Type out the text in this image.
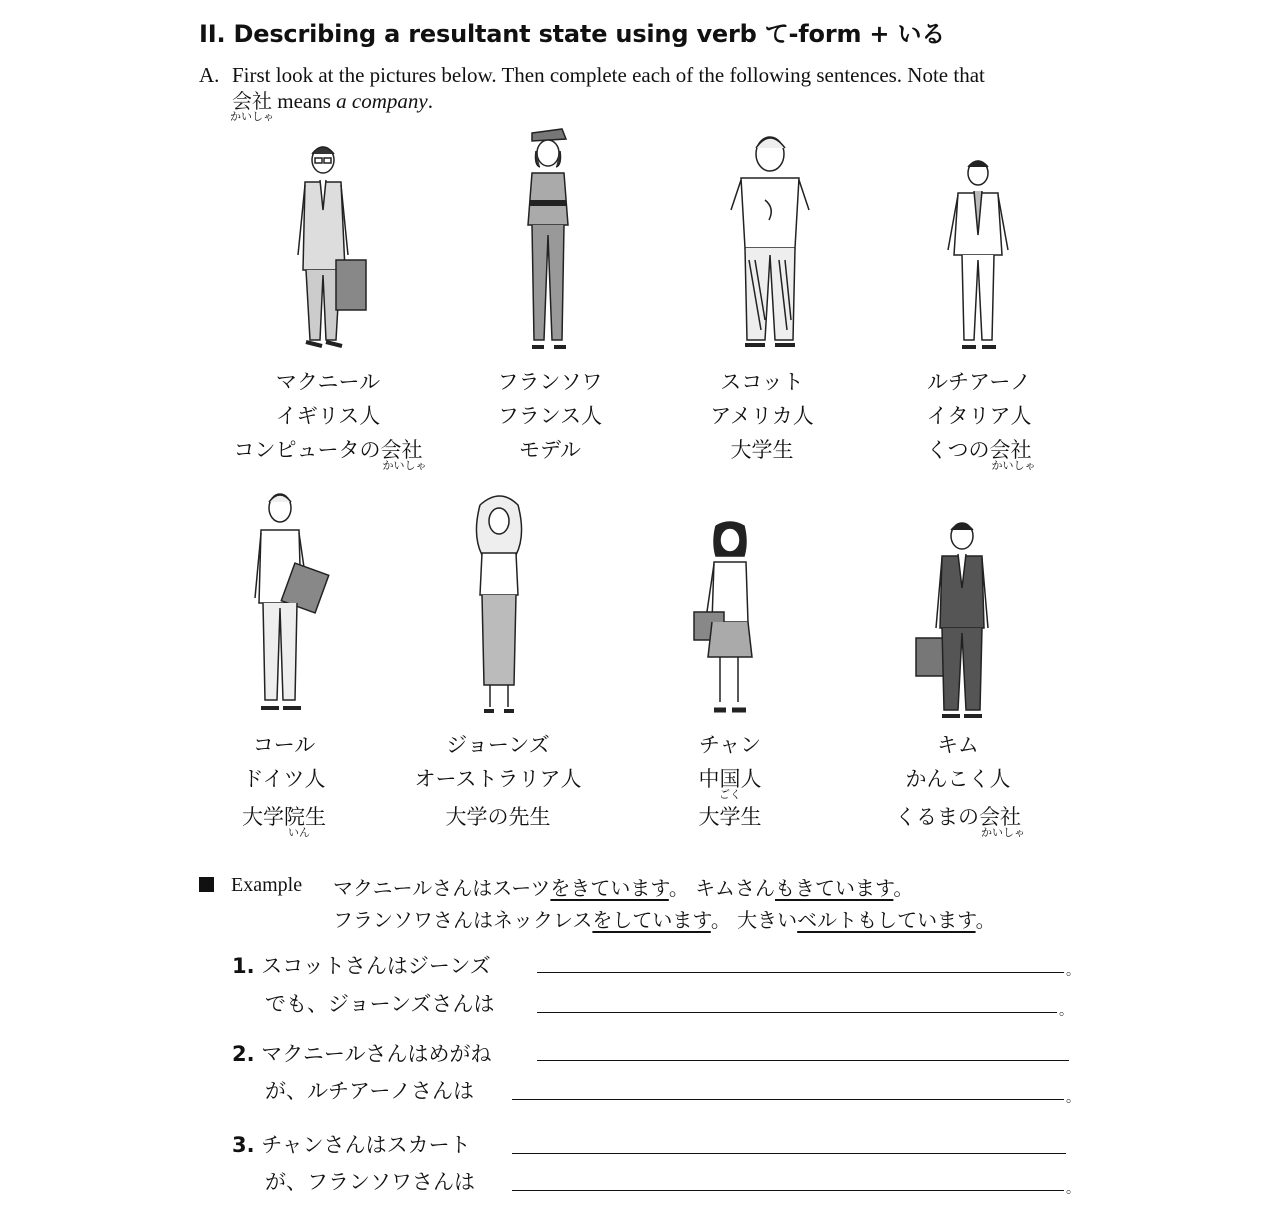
II. Describing a resultant state using verb て-form + いる
A. First look at the pictures below. Then complete each of the following sentences. Note that
会社
かいしゃ
means a company.
マクニール
イギリス人
コンピュータの会社
かいしゃ
フランソワ
フランス人
モデル
スコット
アメリカ人
大学生
ルチアーノ
イタリア人
くつの会社
かいしゃ
コール
ドイツ人
大学院生
いん
ジョーンズ
オーストラリア人
大学の先生
チャン
中国人
ごく
大学生
キム
かんこく人
くるまの会社
かいしゃ
Example マクニールさんはスーツをきています。 キムさんもきています。
フランソワさんはネックレスをしています。 大きいベルトもしています。
1. スコットさんはジーンズ	。
でも、ジョーンズさんは	。
2. マクニールさんはめがね
が、ルチアーノさんは	。
3. チャンさんはスカート
が、フランソワさんは	。
